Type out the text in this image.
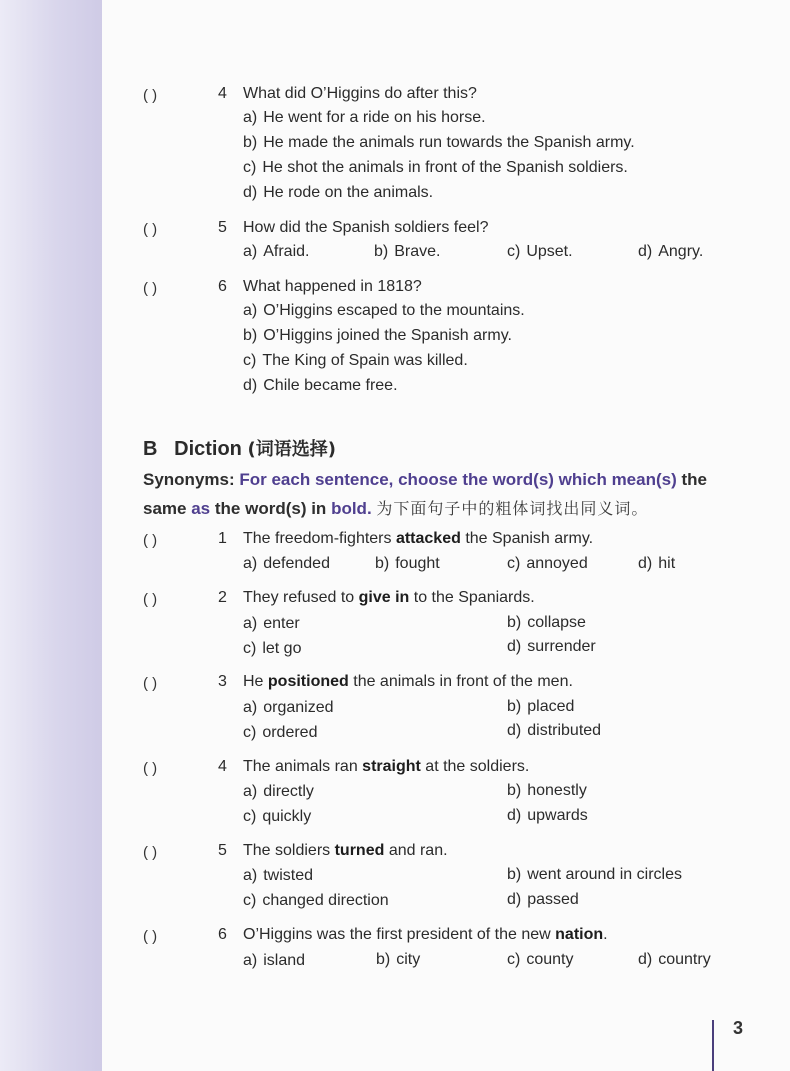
( )	4 What did O’Higgins do after this?
a) He went for a ride on his horse.
b) He made the animals run towards the Spanish army.
c) He shot the animals in front of the Spanish soldiers.
d) He rode on the animals.
( )	5 How did the Spanish soldiers feel?
a) Afraid.	b) Brave.	c) Upset.	d) Angry.
( )	6 What happened in 1818?
a) O’Higgins escaped to the mountains.
b) O’Higgins joined the Spanish army.
c) The King of Spain was killed.
d) Chile became free.
B Diction (词语选择)
Synonyms: For each sentence, choose the word(s) which mean(s) the
same as the word(s) in bold. 为下面句子中的粗体词找出同义词。
( )	1 The freedom-fighters attacked the Spanish army.
a) defended	b) fought	c) annoyed	d) hit
( )	2 They refused to give in to the Spaniards.
a) enter	b) collapse
c) let go	d) surrender
( )	3 He positioned the animals in front of the men.
a) organized	b) placed
c) ordered	d) distributed
( )	4 The animals ran straight at the soldiers.
a) directly	b) honestly
c) quickly	d) upwards
( )	5 The soldiers turned and ran.
a) twisted	b) went around in circles
c) changed direction	d) passed
( )	6 O’Higgins was the first president of the new nation.
a) island	b) city	c) county	d) country
3
